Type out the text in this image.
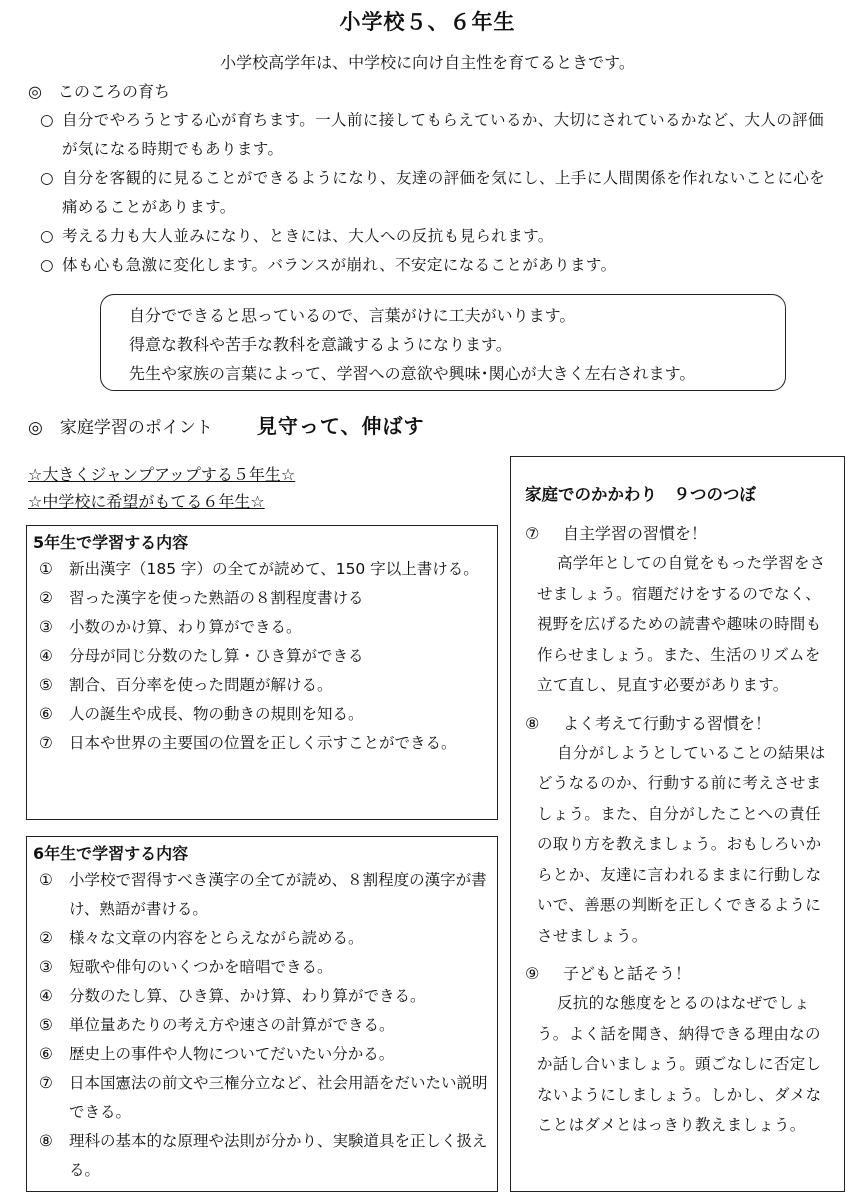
小学校５、６年生
小学校高学年は、中学校に向け自主性を育てるときです。
◎　このころの育ち
○ 自分でやろうとする心が育ちます。一人前に接してもらえているか、大切にされているかなど、大人の評価が気になる時期でもあります。
○ 自分を客観的に見ることができるようになり、友達の評価を気にし、上手に人間関係を作れないことに心を痛めることがあります。
○ 考える力も大人並みになり、ときには、大人への反抗も見られます。
○ 体も心も急激に変化します。バランスが崩れ、不安定になることがあります。
自分でできると思っているので、言葉がけに工夫がいります。
得意な教科や苦手な教科を意識するようになります。
先生や家族の言葉によって、学習への意欲や興味･関心が大きく左右されます。
◎　家庭学習のポイント 見守って、伸ばす
☆大きくジャンプアップする５年生☆
☆中学校に希望がもてる６年生☆
5年生で学習する内容
① 新出漢字（185 字）の全てが読めて、150 字以上書ける。
② 習った漢字を使った熟語の８割程度書ける
③ 小数のかけ算、わり算ができる。
④ 分母が同じ分数のたし算・ひき算ができる
⑤ 割合、百分率を使った問題が解ける。
⑥ 人の誕生や成長、物の動きの規則を知る。
⑦ 日本や世界の主要国の位置を正しく示すことができる。
6年生で学習する内容
① 小学校で習得すべき漢字の全てが読め、８割程度の漢字が書け、熟語が書ける。
② 様々な文章の内容をとらえながら読める。
③ 短歌や俳句のいくつかを暗唱できる。
④ 分数のたし算、ひき算、かけ算、わり算ができる。
⑤ 単位量あたりの考え方や速さの計算ができる。
⑥ 歴史上の事件や人物についてだいたい分かる。
⑦ 日本国憲法の前文や三権分立など、社会用語をだいたい説明できる。
⑧ 理科の基本的な原理や法則が分かり、実験道具を正しく扱える。
家庭でのかかわり　９つのつぼ
⑦ 自主学習の習慣を！
高学年としての自覚をもった学習をさせましょう。宿題だけをするのでなく、視野を広げるための読書や趣味の時間も作らせましょう。また、生活のリズムを立て直し、見直す必要があります。
⑧ よく考えて行動する習慣を！
自分がしようとしていることの結果はどうなるのか、行動する前に考えさせましょう。また、自分がしたことへの責任の取り方を教えましょう。おもしろいからとか、友達に言われるままに行動しないで、善悪の判断を正しくできるようにさせましょう。
⑨ 子どもと話そう！
反抗的な態度をとるのはなぜでしょう。よく話を聞き、納得できる理由なのか話し合いましょう。頭ごなしに否定しないようにしましょう。しかし、ダメなことはダメとはっきり教えましょう。
